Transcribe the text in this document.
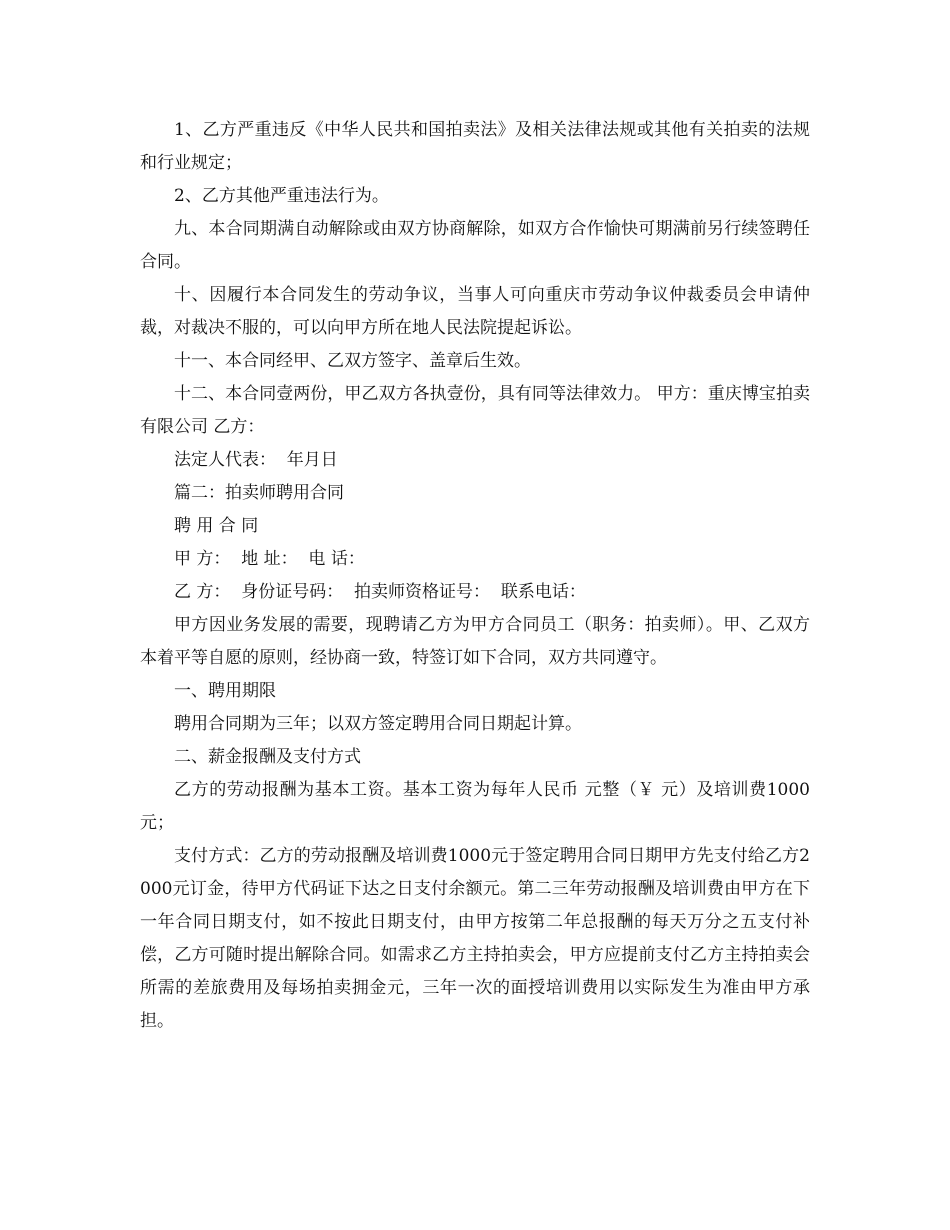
1、乙方严重违反《中华人民共和国拍卖法》及相关法律法规或其他有关拍卖的法规和行业规定；

2、乙方其他严重违法行为。

九、本合同期满自动解除或由双方协商解除，如双方合作愉快可期满前另行续签聘任合同。

十、因履行本合同发生的劳动争议，当事人可向重庆市劳动争议仲裁委员会申请仲裁，对裁决不服的，可以向甲方所在地人民法院提起诉讼。

十一、本合同经甲、乙双方签字、盖章后生效。

十二、本合同壹两份，甲乙双方各执壹份，具有同等法律效力。 甲方：重庆博宝拍卖有限公司 乙方：

法定人代表：  年月日

篇二：拍卖师聘用合同

聘 用 合 同

甲 方：  地 址：  电 话：

乙 方：  身份证号码：  拍卖师资格证号：  联系电话：

甲方因业务发展的需要，现聘请乙方为甲方合同员工（职务：拍卖师）。甲、乙双方本着平等自愿的原则，经协商一致，特签订如下合同，双方共同遵守。

一、聘用期限

聘用合同期为三年；以双方签定聘用合同日期起计算。

二、薪金报酬及支付方式

乙方的劳动报酬为基本工资。基本工资为每年人民币 元整（￥ 元）及培训费1000元；

支付方式：乙方的劳动报酬及培训费1000元于签定聘用合同日期甲方先支付给乙方2000元订金，待甲方代码证下达之日支付余额元。第二三年劳动报酬及培训费由甲方在下一年合同日期支付，如不按此日期支付，由甲方按第二年总报酬的每天万分之五支付补偿，乙方可随时提出解除合同。如需求乙方主持拍卖会，甲方应提前支付乙方主持拍卖会所需的差旅费用及每场拍卖拥金元，三年一次的面授培训费用以实际发生为准由甲方承担。
